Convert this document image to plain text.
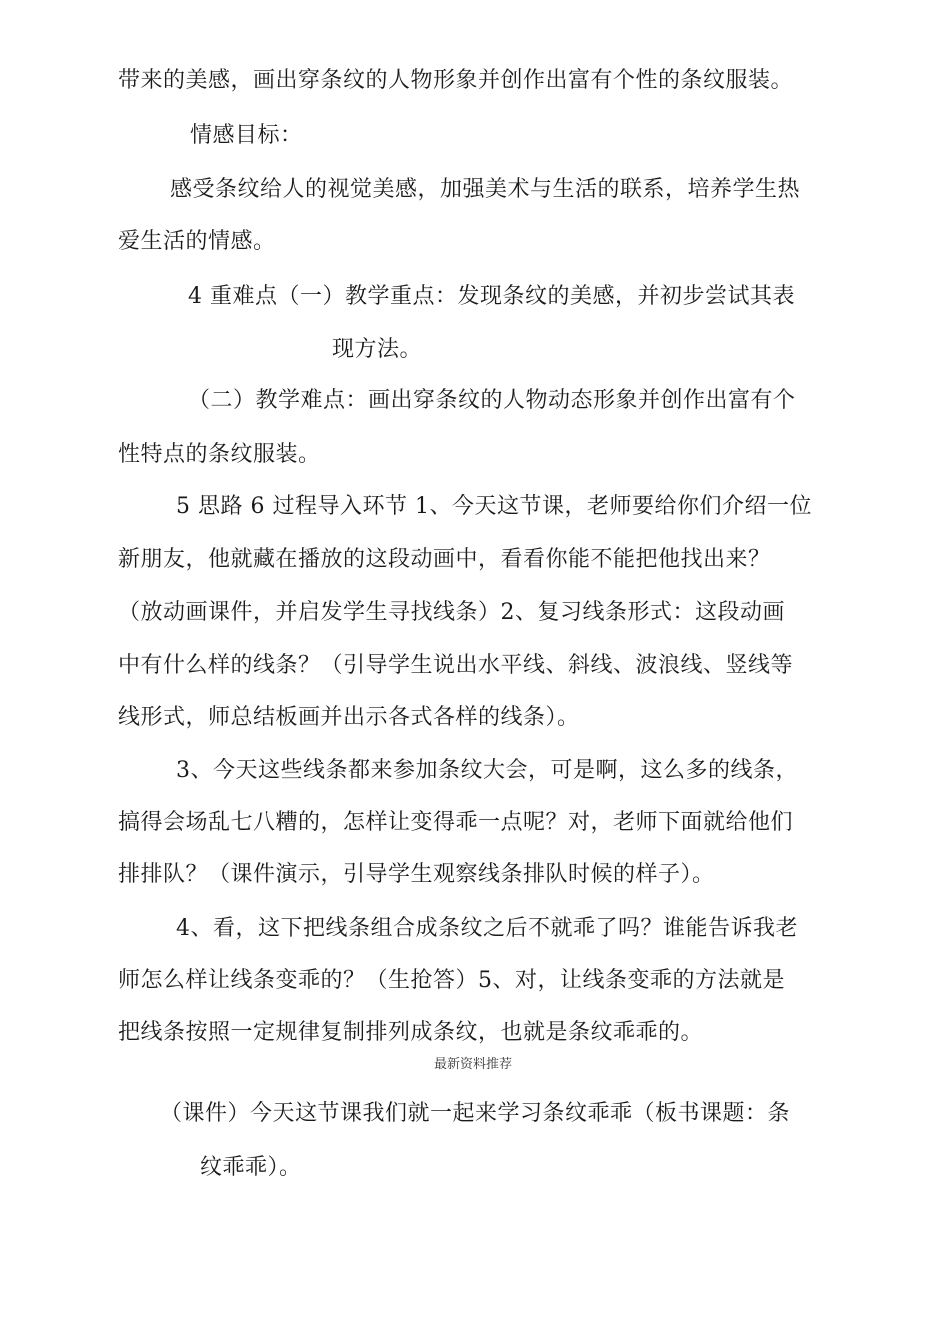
带来的美感，画出穿条纹的人物形象并创作出富有个性的条纹服装。
情感目标：
感受条纹给人的视觉美感，加强美术与生活的联系，培养学生热
爱生活的情感。
4 重难点（一）教学重点：发现条纹的美感，并初步尝试其表
现方法。
（二）教学难点：画出穿条纹的人物动态形象并创作出富有个
性特点的条纹服装。
5 思路 6 过程导入环节 1、今天这节课，老师要给你们介绍一位
新朋友，他就藏在播放的这段动画中，看看你能不能把他找出来？
（放动画课件，并启发学生寻找线条）2、复习线条形式：这段动画
中有什么样的线条？（引导学生说出水平线、斜线、波浪线、竖线等
线形式，师总结板画并出示各式各样的线条）。
3、今天这些线条都来参加条纹大会，可是啊，这么多的线条，
搞得会场乱七八糟的，怎样让变得乖一点呢？对，老师下面就给他们
排排队？（课件演示，引导学生观察线条排队时候的样子）。
4、看，这下把线条组合成条纹之后不就乖了吗？谁能告诉我老
师怎么样让线条变乖的？（生抢答）5、对，让线条变乖的方法就是
把线条按照一定规律复制排列成条纹，也就是条纹乖乖的。
最新资料推荐
（课件）今天这节课我们就一起来学习条纹乖乖（板书课题：条
纹乖乖）。
